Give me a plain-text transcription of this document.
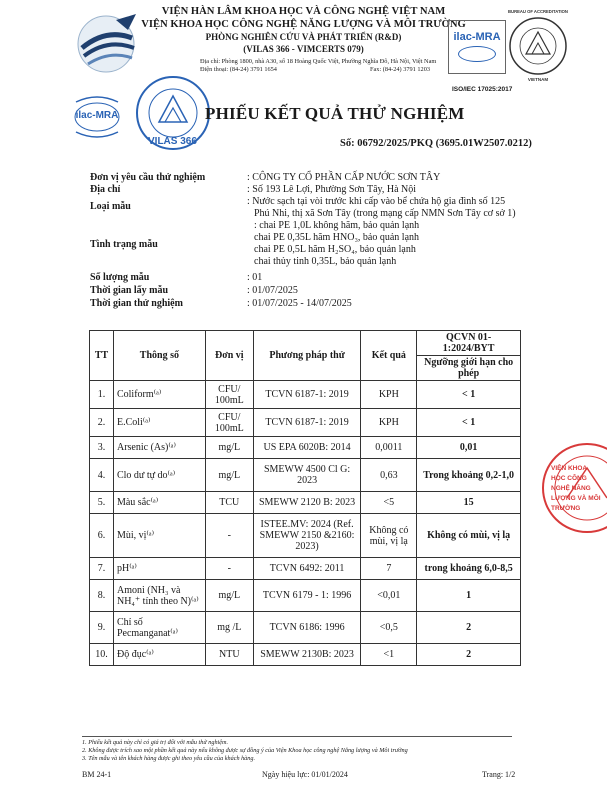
VIỆN HÀN LÂM KHOA HỌC VÀ CÔNG NGHỆ VIỆT NAM
VIỆN KHOA HỌC CÔNG NGHỆ NĂNG LƯỢNG VÀ MÔI TRƯỜNG
PHÒNG NGHIÊN CỨU VÀ PHÁT TRIỂN (R&D)
(VILAS 366 - VIMCERTS 079)
Địa chỉ: Phòng 1800, nhà A30, số 18 Hoàng Quốc Việt, Phường Nghĩa Đô, Hà Nội, Việt Nam
Điện thoại: (84-24) 3791 1654	Fax: (84-24) 3791 1203
ilac-MRA
BUREAU OF ACCREDITATION
VIETNAM
ISO/IEC 17025:2017
ilac-MRA
VILAS 366
PHIẾU KẾT QUẢ THỬ NGHIỆM
Số: 06792/2025/PKQ (3695.01W2507.0212)
Đơn vị yêu cầu thử nghiệm	: CÔNG TY CỔ PHẦN CẤP NƯỚC SƠN TÂY
Địa chỉ	: Số 193 Lê Lợi, Phường Sơn Tây, Hà Nội
Loại mẫu	: Nước sạch tại vòi trước khi cấp vào bể chứa hộ gia đình số 125
Phú Nhi, thị xã Sơn Tây (trong mạng cấp NMN Sơn Tây cơ sở 1)
: chai PE 1,0L không hãm, bảo quản lạnh
Tình trạng mẫu
chai PE 0,35L hãm HNO₃, bảo quản lạnh
chai PE 0,5L hãm H₂SO₄, bảo quản lạnh
chai thủy tinh 0,35L, bảo quản lạnh
Số lượng mẫu	: 01
Thời gian lấy mẫu	: 01/07/2025
Thời gian thử nghiệm	: 01/07/2025 - 14/07/2025
TT	Thông số	Đơn vị	Phương pháp thử	Kết quả	QCVN 01-1:2024/BYT
					Ngưỡng giới hạn cho phép
1.	Coliform⁽ᵃ⁾	CFU/ 100mL	TCVN 6187-1: 2019	KPH	< 1
2.	E.Coli⁽ᵃ⁾	CFU/ 100mL	TCVN 6187-1: 2019	KPH	< 1
3.	Arsenic (As)⁽ᵃ⁾	mg/L	US EPA 6020B: 2014	0,0011	0,01
4.	Clo dư tự do⁽ᵃ⁾	mg/L	SMEWW 4500 Cl G: 2023	0,63	Trong khoảng 0,2-1,0
5.	Màu sắc⁽ᵃ⁾	TCU	SMEWW 2120 B: 2023	<5	15
6.	Mùi, vị⁽ᵃ⁾	-	ISTEE.MV: 2024 (Ref. SMEWW 2150 &2160: 2023)	Không có mùi, vị lạ	Không có mùi, vị lạ
7.	pH⁽ᵃ⁾	-	TCVN 6492: 2011	7	trong khoảng 6,0-8,5
8.	Amoni (NH₃ và NH₄⁺ tính theo N)⁽ᵃ⁾	mg/L	TCVN 6179 - 1: 1996	<0,01	1
9.	Chỉ số Pecmanganat⁽ᵃ⁾	mg /L	TCVN 6186: 1996	<0,5	2
10.	Độ đục⁽ᵃ⁾	NTU	SMEWW 2130B: 2023	<1	2
VIỆN KHOA HỌC CÔNG NGHỆ NĂNG LƯỢNG VÀ MÔI TRƯỜNG
1. Phiếu kết quả này chỉ có giá trị đối với mẫu thử nghiệm.
2. Không được trích sao một phần kết quả này nếu không được sự đồng ý của Viện Khoa học công nghệ Năng lượng và Môi trường
3. Tên mẫu và tên khách hàng được ghi theo yêu cầu của khách hàng.
BM 24-1	Ngày hiệu lực: 01/01/2024	Trang: 1/2
